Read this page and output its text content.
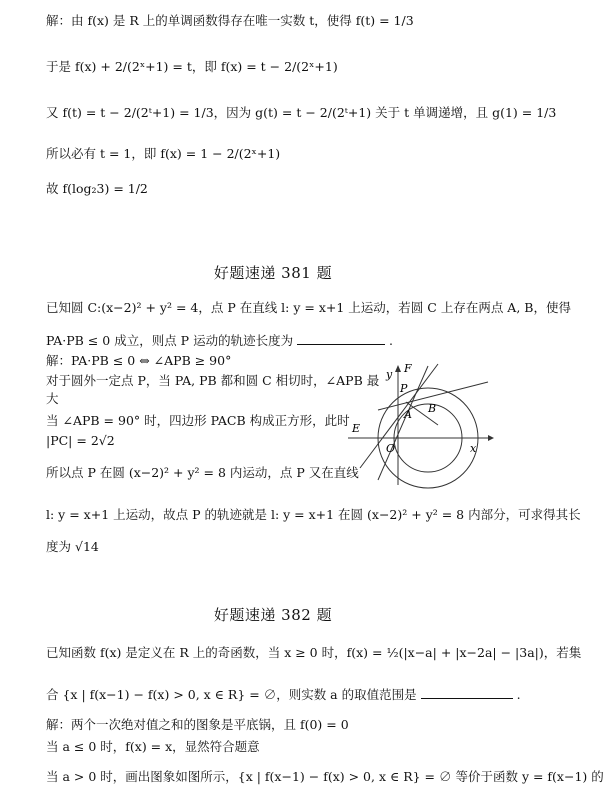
解：由 f(x) 是 R 上的单调函数得存在唯一实数 t，使得 f(t) = 1/3
于是 f(x) + 2/(2ˣ+1) = t，即 f(x) = t − 2/(2ˣ+1)
又 f(t) = t − 2/(2ᵗ+1) = 1/3，因为 g(t) = t − 2/(2ᵗ+1) 关于 t 单调递增，且 g(1) = 1/3
所以必有 t = 1，即 f(x) = 1 − 2/(2ˣ+1)
故 f(log₂3) = 1/2
好题速递 381 题
已知圆 C:(x−2)² + y² = 4，点 P 在直线 l: y = x+1 上运动，若圆 C 上存在两点 A, B，使得
PA·PB ≤ 0 成立，则点 P 运动的轨迹长度为	.
解：PA·PB ≤ 0 ⇔ ∠APB ≥ 90°
对于圆外一定点 P，当 PA, PB 都和圆 C 相切时，∠APB 最
大
当 ∠APB = 90° 时，四边形 PACB 构成正方形，此时
|PC| = 2√2
所以点 P 在圆 (x−2)² + y² = 8 内运动，点 P 又在直线
l: y = x+1 上运动，故点 P 的轨迹就是 l: y = x+1 在圆 (x−2)² + y² = 8 内部分，可求得其长
度为 √14
y F
P
A B
E
O	x
好题速递 382 题
已知函数 f(x) 是定义在 R 上的奇函数，当 x ≥ 0 时，f(x) = ½(|x−a| + |x−2a| − |3a|)，若集
合 {x | f(x−1) − f(x) > 0, x ∈ R} = ∅，则实数 a 的取值范围是	.
解：两个一次绝对值之和的图象是平底锅，且 f(0) = 0
当 a ≤ 0 时，f(x) = x，显然符合题意
当 a > 0 时，画出图象如图所示，{x | f(x−1) − f(x) > 0, x ∈ R} = ∅ 等价于函数 y = f(x−1) 的
